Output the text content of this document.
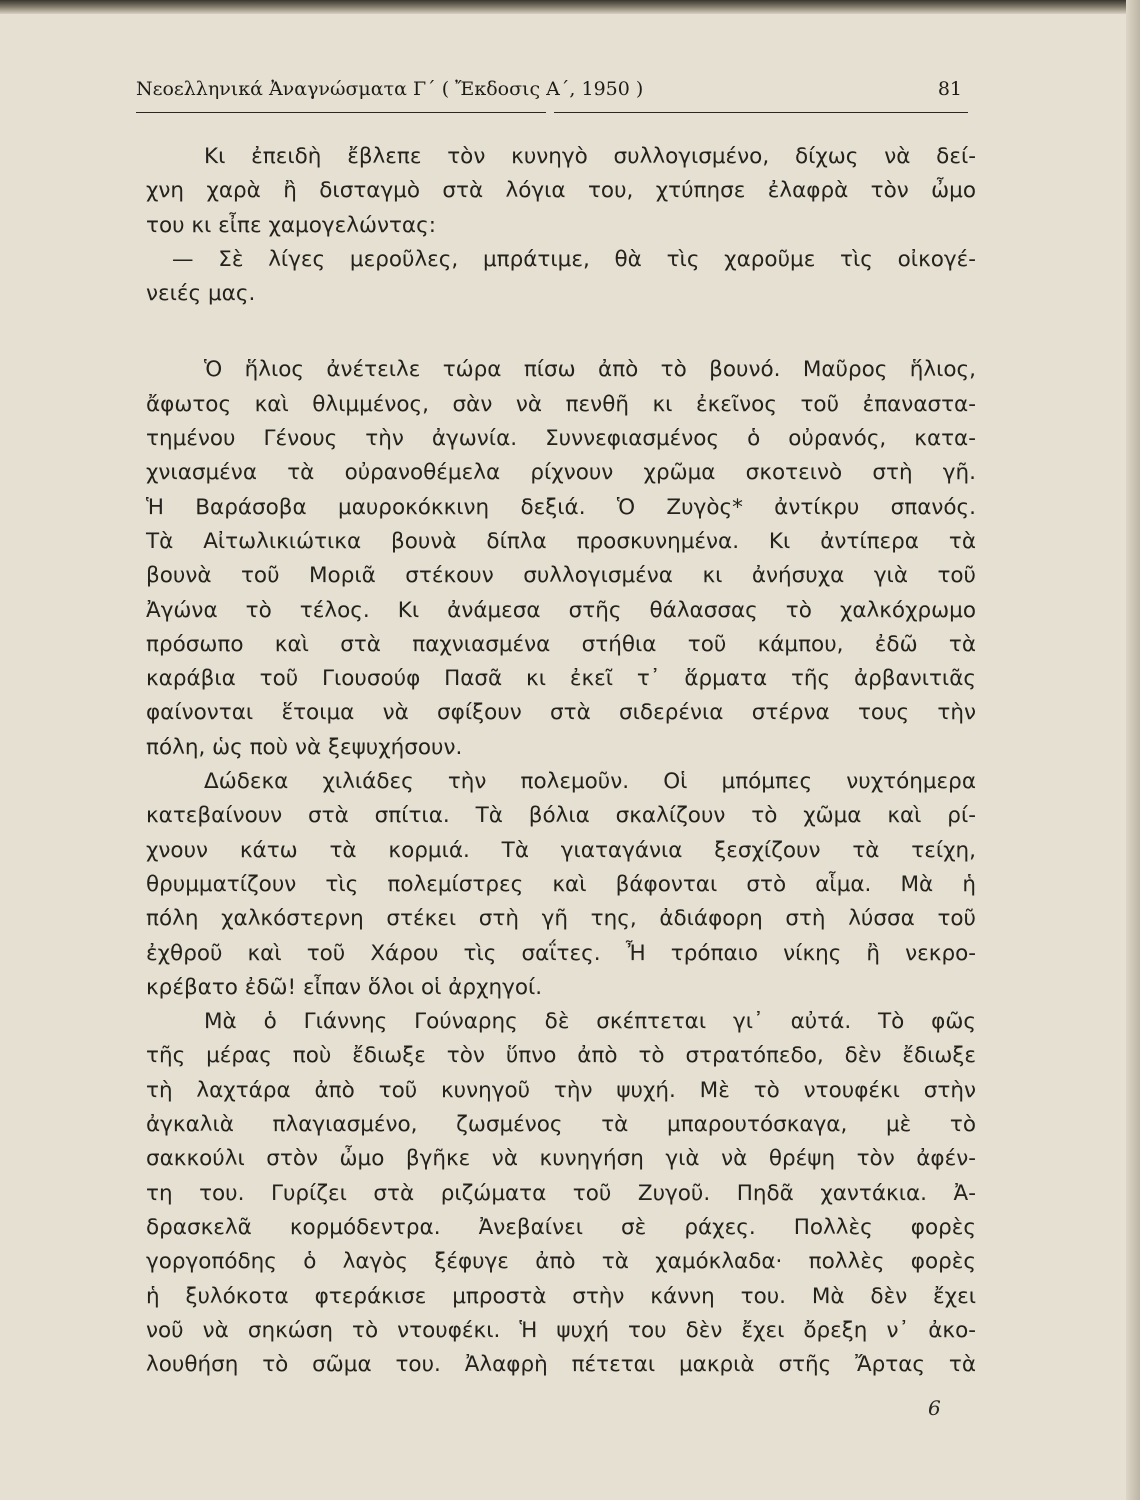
Νεοελληνικά Ἀναγνώσματα Γ΄ ( Ἔκδοσις Α΄, 1950 )	81
Κι ἐπειδὴ ἔβλεπε τὸν κυνηγὸ συλλογισμένο, δίχως νὰ δεί-
χνη χαρὰ ἢ δισταγμὸ στὰ λόγια του, χτύπησε ἐλαφρὰ τὸν ὦμο
του κι εἶπε χαμογελώντας:
— Σὲ λίγες μεροῦλες, μπράτιμε, θὰ τὶς χαροῦμε τὶς οἰκογέ-
νειές μας.
Ὁ ἥλιος ἀνέτειλε τώρα πίσω ἀπὸ τὸ βουνό. Μαῦρος ἥλιος,
ἄφωτος καὶ θλιμμένος, σὰν νὰ πενθῆ κι ἐκεῖνος τοῦ ἐπαναστα-
τημένου Γένους τὴν ἀγωνία. Συννεφιασμένος ὁ οὐρανός, κατα-
χνιασμένα τὰ οὐρανοθέμελα ρίχνουν χρῶμα σκοτεινὸ στὴ γῆ.
Ἡ Βαράσοβα μαυροκόκκινη δεξιά. Ὁ Ζυγὸς* ἀντίκρυ σπανός.
Τὰ Αἰτωλικιώτικα βουνὰ δίπλα προσκυνημένα. Κι ἀντίπερα τὰ
βουνὰ τοῦ Μοριᾶ στέκουν συλλογισμένα κι ἀνήσυχα γιὰ τοῦ
Ἀγώνα τὸ τέλος. Κι ἀνάμεσα στῆς θάλασσας τὸ χαλκόχρωμο
πρόσωπο καὶ στὰ παχνιασμένα στήθια τοῦ κάμπου, ἐδῶ τὰ
καράβια τοῦ Γιουσούφ Πασᾶ κι ἐκεῖ τ᾽ ἅρματα τῆς ἀρβανιτιᾶς
φαίνονται ἕτοιμα νὰ σφίξουν στὰ σιδερένια στέρνα τους τὴν
πόλη, ὡς ποὺ νὰ ξεψυχήσουν.
Δώδεκα χιλιάδες τὴν πολεμοῦν. Οἱ μπόμπες νυχτόημερα
κατεβαίνουν στὰ σπίτια. Τὰ βόλια σκαλίζουν τὸ χῶμα καὶ ρί-
χνουν κάτω τὰ κορμιά. Τὰ γιαταγάνια ξεσχίζουν τὰ τείχη,
θρυμματίζουν τὶς πολεμίστρες καὶ βάφονται στὸ αἷμα. Μὰ ἡ
πόλη χαλκόστερνη στέκει στὴ γῆ της, ἀδιάφορη στὴ λύσσα τοῦ
ἐχθροῦ καὶ τοῦ Χάρου τὶς σαΐτες. Ἦ τρόπαιο νίκης ἢ νεκρο-
κρέβατο ἐδῶ! εἶπαν ὅλοι οἱ ἀρχηγοί.
Μὰ ὁ Γιάννης Γούναρης δὲ σκέπτεται γι᾽ αὐτά. Τὸ φῶς
τῆς μέρας ποὺ ἔδιωξε τὸν ὕπνο ἀπὸ τὸ στρατόπεδο, δὲν ἔδιωξε
τὴ λαχτάρα ἀπὸ τοῦ κυνηγοῦ τὴν ψυχή. Μὲ τὸ ντουφέκι στὴν
ἀγκαλιὰ πλαγιασμένο, ζωσμένος τὰ μπαρουτόσκαγα, μὲ τὸ
σακκούλι στὸν ὦμο βγῆκε νὰ κυνηγήση γιὰ νὰ θρέψη τὸν ἀφέν-
τη του. Γυρίζει στὰ ριζώματα τοῦ Ζυγοῦ. Πηδᾶ χαντάκια. Ἀ-
δρασκελᾶ κορμόδεντρα. Ἀνεβαίνει σὲ ράχες. Πολλὲς φορὲς
γοργοπόδης ὁ λαγὸς ξέφυγε ἀπὸ τὰ χαμόκλαδα· πολλὲς φορὲς
ἡ ξυλόκοτα φτεράκισε μπροστὰ στὴν κάννη του. Μὰ δὲν ἔχει
νοῦ νὰ σηκώση τὸ ντουφέκι. Ἡ ψυχή του δὲν ἔχει ὄρεξη ν᾽ ἀκο-
λουθήση τὸ σῶμα του. Ἀλαφρὴ πέτεται μακριὰ στῆς Ἄρτας τὰ
6
